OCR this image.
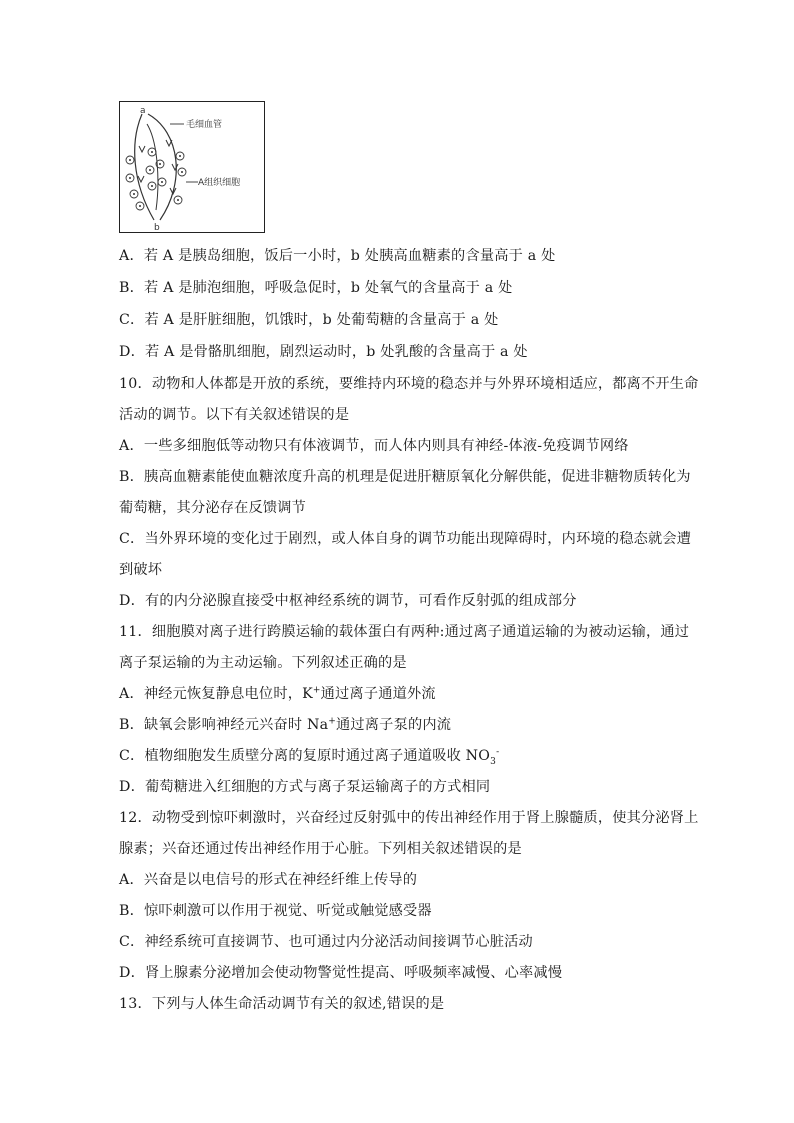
毛细血管
A组织细胞
a
b
A．若 A 是胰岛细胞，饭后一小时，b 处胰高血糖素的含量高于 a 处
B．若 A 是肺泡细胞，呼吸急促时，b 处氧气的含量高于 a 处
C．若 A 是肝脏细胞，饥饿时，b 处葡萄糖的含量高于 a 处
D．若 A 是骨骼肌细胞，剧烈运动时，b 处乳酸的含量高于 a 处
10．动物和人体都是开放的系统，要维持内环境的稳态并与外界环境相适应，都离不开生命
活动的调节。以下有关叙述错误的是
A．一些多细胞低等动物只有体液调节，而人体内则具有神经-体液-免疫调节网络
B．胰高血糖素能使血糖浓度升高的机理是促进肝糖原氧化分解供能，促进非糖物质转化为
葡萄糖，其分泌存在反馈调节
C．当外界环境的变化过于剧烈，或人体自身的调节功能出现障碍时，内环境的稳态就会遭
到破坏
D．有的内分泌腺直接受中枢神经系统的调节，可看作反射弧的组成部分
11．细胞膜对离子进行跨膜运输的载体蛋白有两种:通过离子通道运输的为被动运输，通过
离子泵运输的为主动运输。下列叙述正确的是
A．神经元恢复静息电位时，K+通过离子通道外流
B．缺氧会影响神经元兴奋时 Na+通过离子泵的内流
C．植物细胞发生质壁分离的复原时通过离子通道吸收 $NO_3^-$
D．葡萄糖进入红细胞的方式与离子泵运输离子的方式相同
12．动物受到惊吓刺激时，兴奋经过反射弧中的传出神经作用于肾上腺髓质，使其分泌肾上
腺素；兴奋还通过传出神经作用于心脏。下列相关叙述错误的是
A．兴奋是以电信号的形式在神经纤维上传导的
B．惊吓刺激可以作用于视觉、听觉或触觉感受器
C．神经系统可直接调节、也可通过内分泌活动间接调节心脏活动
D．肾上腺素分泌增加会使动物警觉性提高、呼吸频率减慢、心率减慢
13．下列与人体生命活动调节有关的叙述,错误的是
